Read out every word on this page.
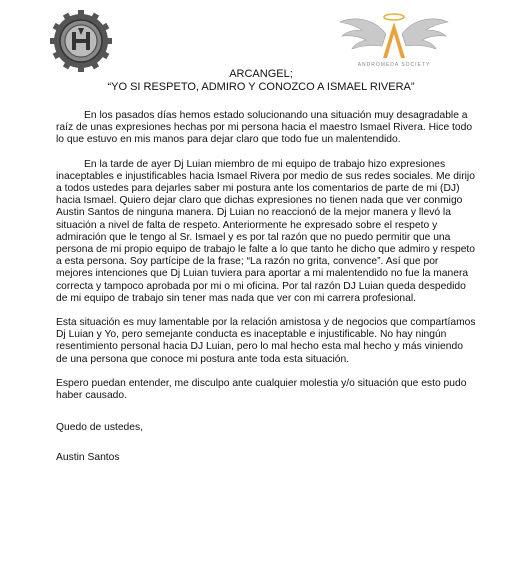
ANDROMEDA SOCIETY
ARCANGEL;
“YO SI RESPETO, ADMIRO Y CONOZCO A ISMAEL RIVERA”

En los pasados días hemos estado solucionando una situación muy desagradable a raíz de unas expresiones hechas por mi persona hacia el maestro Ismael Rivera. Hice todo lo que estuvo en mis manos para dejar claro que todo fue un malentendido.

En la tarde de ayer Dj Luian miembro de mi equipo de trabajo hizo expresiones inaceptables e injustificables hacia Ismael Rivera por medio de sus redes sociales. Me dirijo a todos ustedes para dejarles saber mi postura ante los comentarios de parte de mi (DJ) hacia Ismael. Quiero dejar claro que dichas expresiones no tienen nada que ver conmigo Austin Santos de ninguna manera. Dj Luian no reaccionó de la mejor manera y llevó la situación a nivel de falta de respeto. Anteriormente he expresado sobre el respeto y admiración que le tengo al Sr. Ismael y es por tal razón que no puedo permitir que una persona de mi propio equipo de trabajo le falte a lo que tanto he dicho que admiro y respeto a esta persona. Soy partícipe de la frase; “La razón no grita, convence”. Así que por mejores intenciones que Dj Luian tuviera para aportar a mi malentendido no fue la manera correcta y tampoco aprobada por mi o mi oficina. Por tal razón DJ Luian queda despedido de mi equipo de trabajo sin tener mas nada que ver con mi carrera profesional.

Esta situación es muy lamentable por la relación amistosa y de negocios que compartíamos Dj Luian y Yo, pero semejante conducta es inaceptable e injustificable. No hay ningún resentimiento personal hacia DJ Luian, pero lo mal hecho esta mal hecho y más viniendo de una persona que conoce mi postura ante toda esta situación.

Espero puedan entender, me disculpo ante cualquier molestia y/o situación que esto pudo haber causado.

Quedo de ustedes,

Austin Santos
